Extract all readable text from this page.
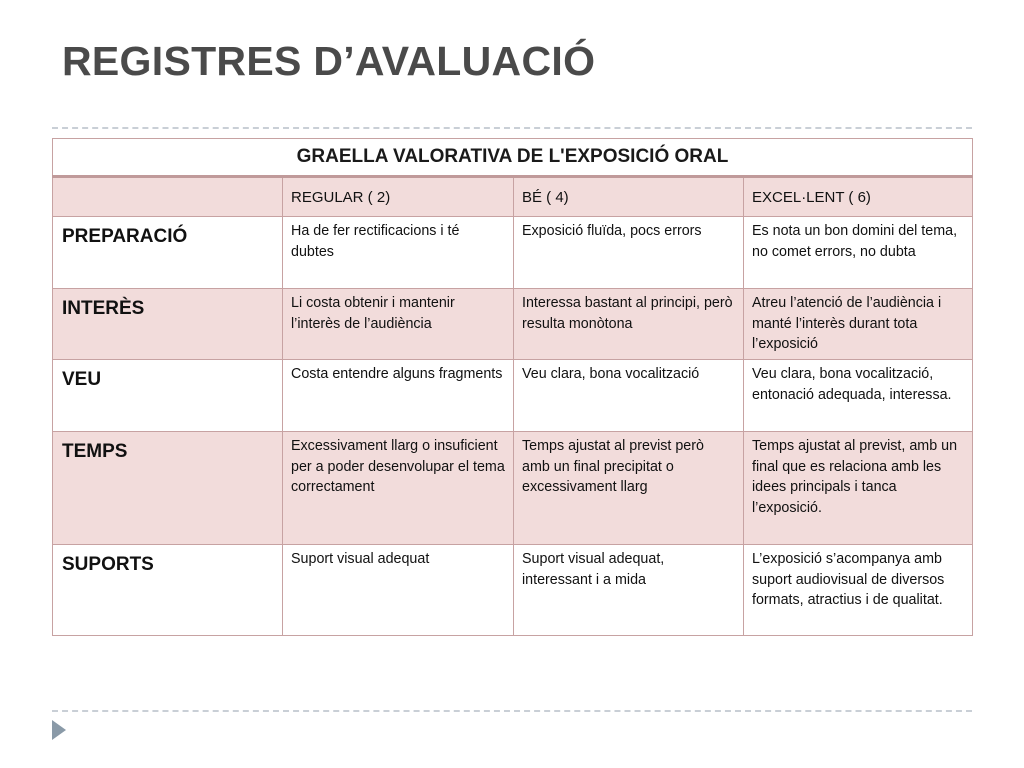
REGISTRES D’AVALUACIÓ
GRAELLA VALORATIVA DE L'EXPOSICIÓ ORAL			
	REGULAR ( 2)	BÉ ( 4)	EXCEL·LENT ( 6)
PREPARACIÓ	Ha de fer rectificacions i té dubtes	Exposició fluïda, pocs errors	Es nota un bon domini del tema, no comet errors, no dubta
INTERÈS	Li costa obtenir i mantenir l’interès de l’audiència	Interessa bastant al principi, però resulta monòtona	Atreu l’atenció de l’audiència i manté l’interès durant tota l’exposició
VEU	Costa entendre alguns fragments	Veu clara, bona vocalització	Veu clara, bona vocalització, entonació adequada, interessa.
TEMPS	Excessivament llarg o insuficient per a poder desenvolupar el tema correctament	Temps ajustat al previst però amb un final precipitat o excessivament llarg	Temps ajustat al previst, amb un final que es relaciona amb les idees principals i tanca l’exposició.
SUPORTS	Suport visual adequat	Suport visual adequat, interessant i a mida	L’exposició s’acompanya amb suport audiovisual de diversos formats, atractius i de qualitat.
